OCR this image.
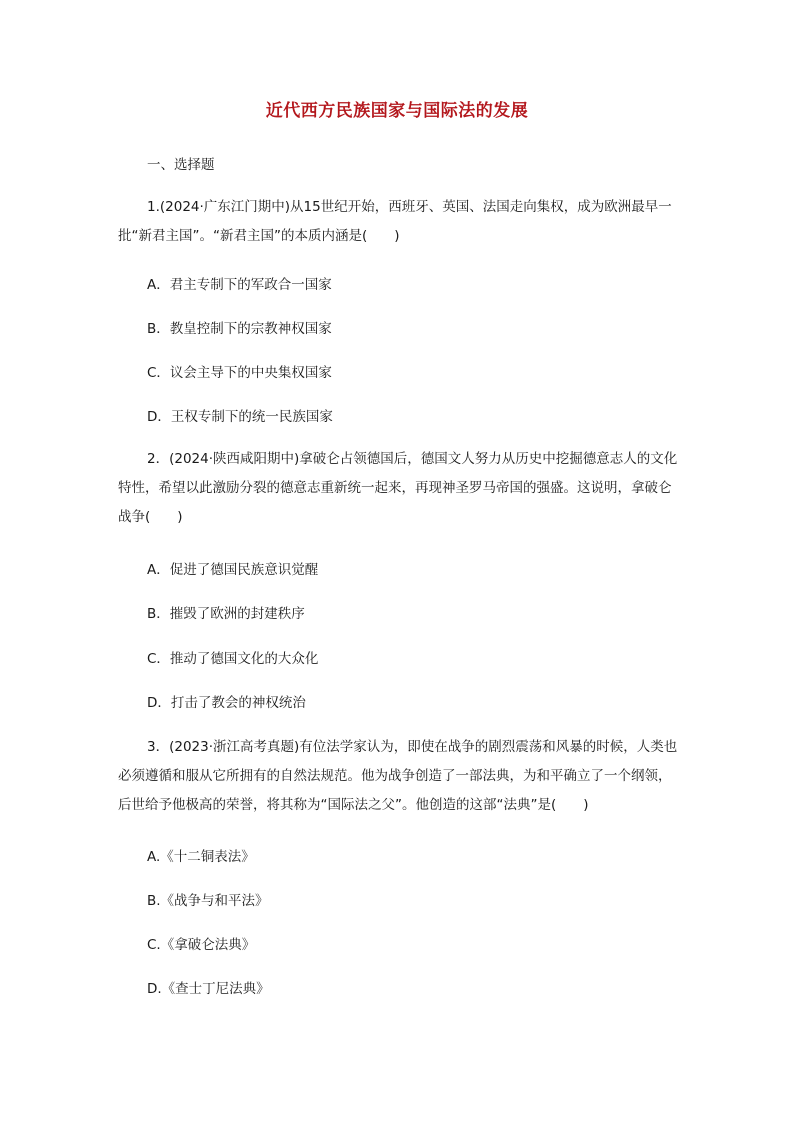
近代西方民族国家与国际法的发展
一、选择题
1.(2024·广东江门期中)从15世纪开始，西班牙、英国、法国走向集权，成为欧洲最早一批“新君主国”。“新君主国”的本质内涵是(　　)
A．君主专制下的军政合一国家
B．教皇控制下的宗教神权国家
C．议会主导下的中央集权国家
D．王权专制下的统一民族国家
2．(2024·陕西咸阳期中)拿破仑占领德国后，德国文人努力从历史中挖掘德意志人的文化特性，希望以此激励分裂的德意志重新统一起来，再现神圣罗马帝国的强盛。这说明，拿破仑战争(　　)
A．促进了德国民族意识觉醒
B．摧毁了欧洲的封建秩序
C．推动了德国文化的大众化
D．打击了教会的神权统治
3．(2023·浙江高考真题)有位法学家认为，即使在战争的剧烈震荡和风暴的时候，人类也必须遵循和服从它所拥有的自然法规范。他为战争创造了一部法典，为和平确立了一个纲领，后世给予他极高的荣誉，将其称为“国际法之父”。他创造的这部“法典”是(　　)
A.《十二铜表法》
B.《战争与和平法》
C.《拿破仑法典》
D.《查士丁尼法典》
